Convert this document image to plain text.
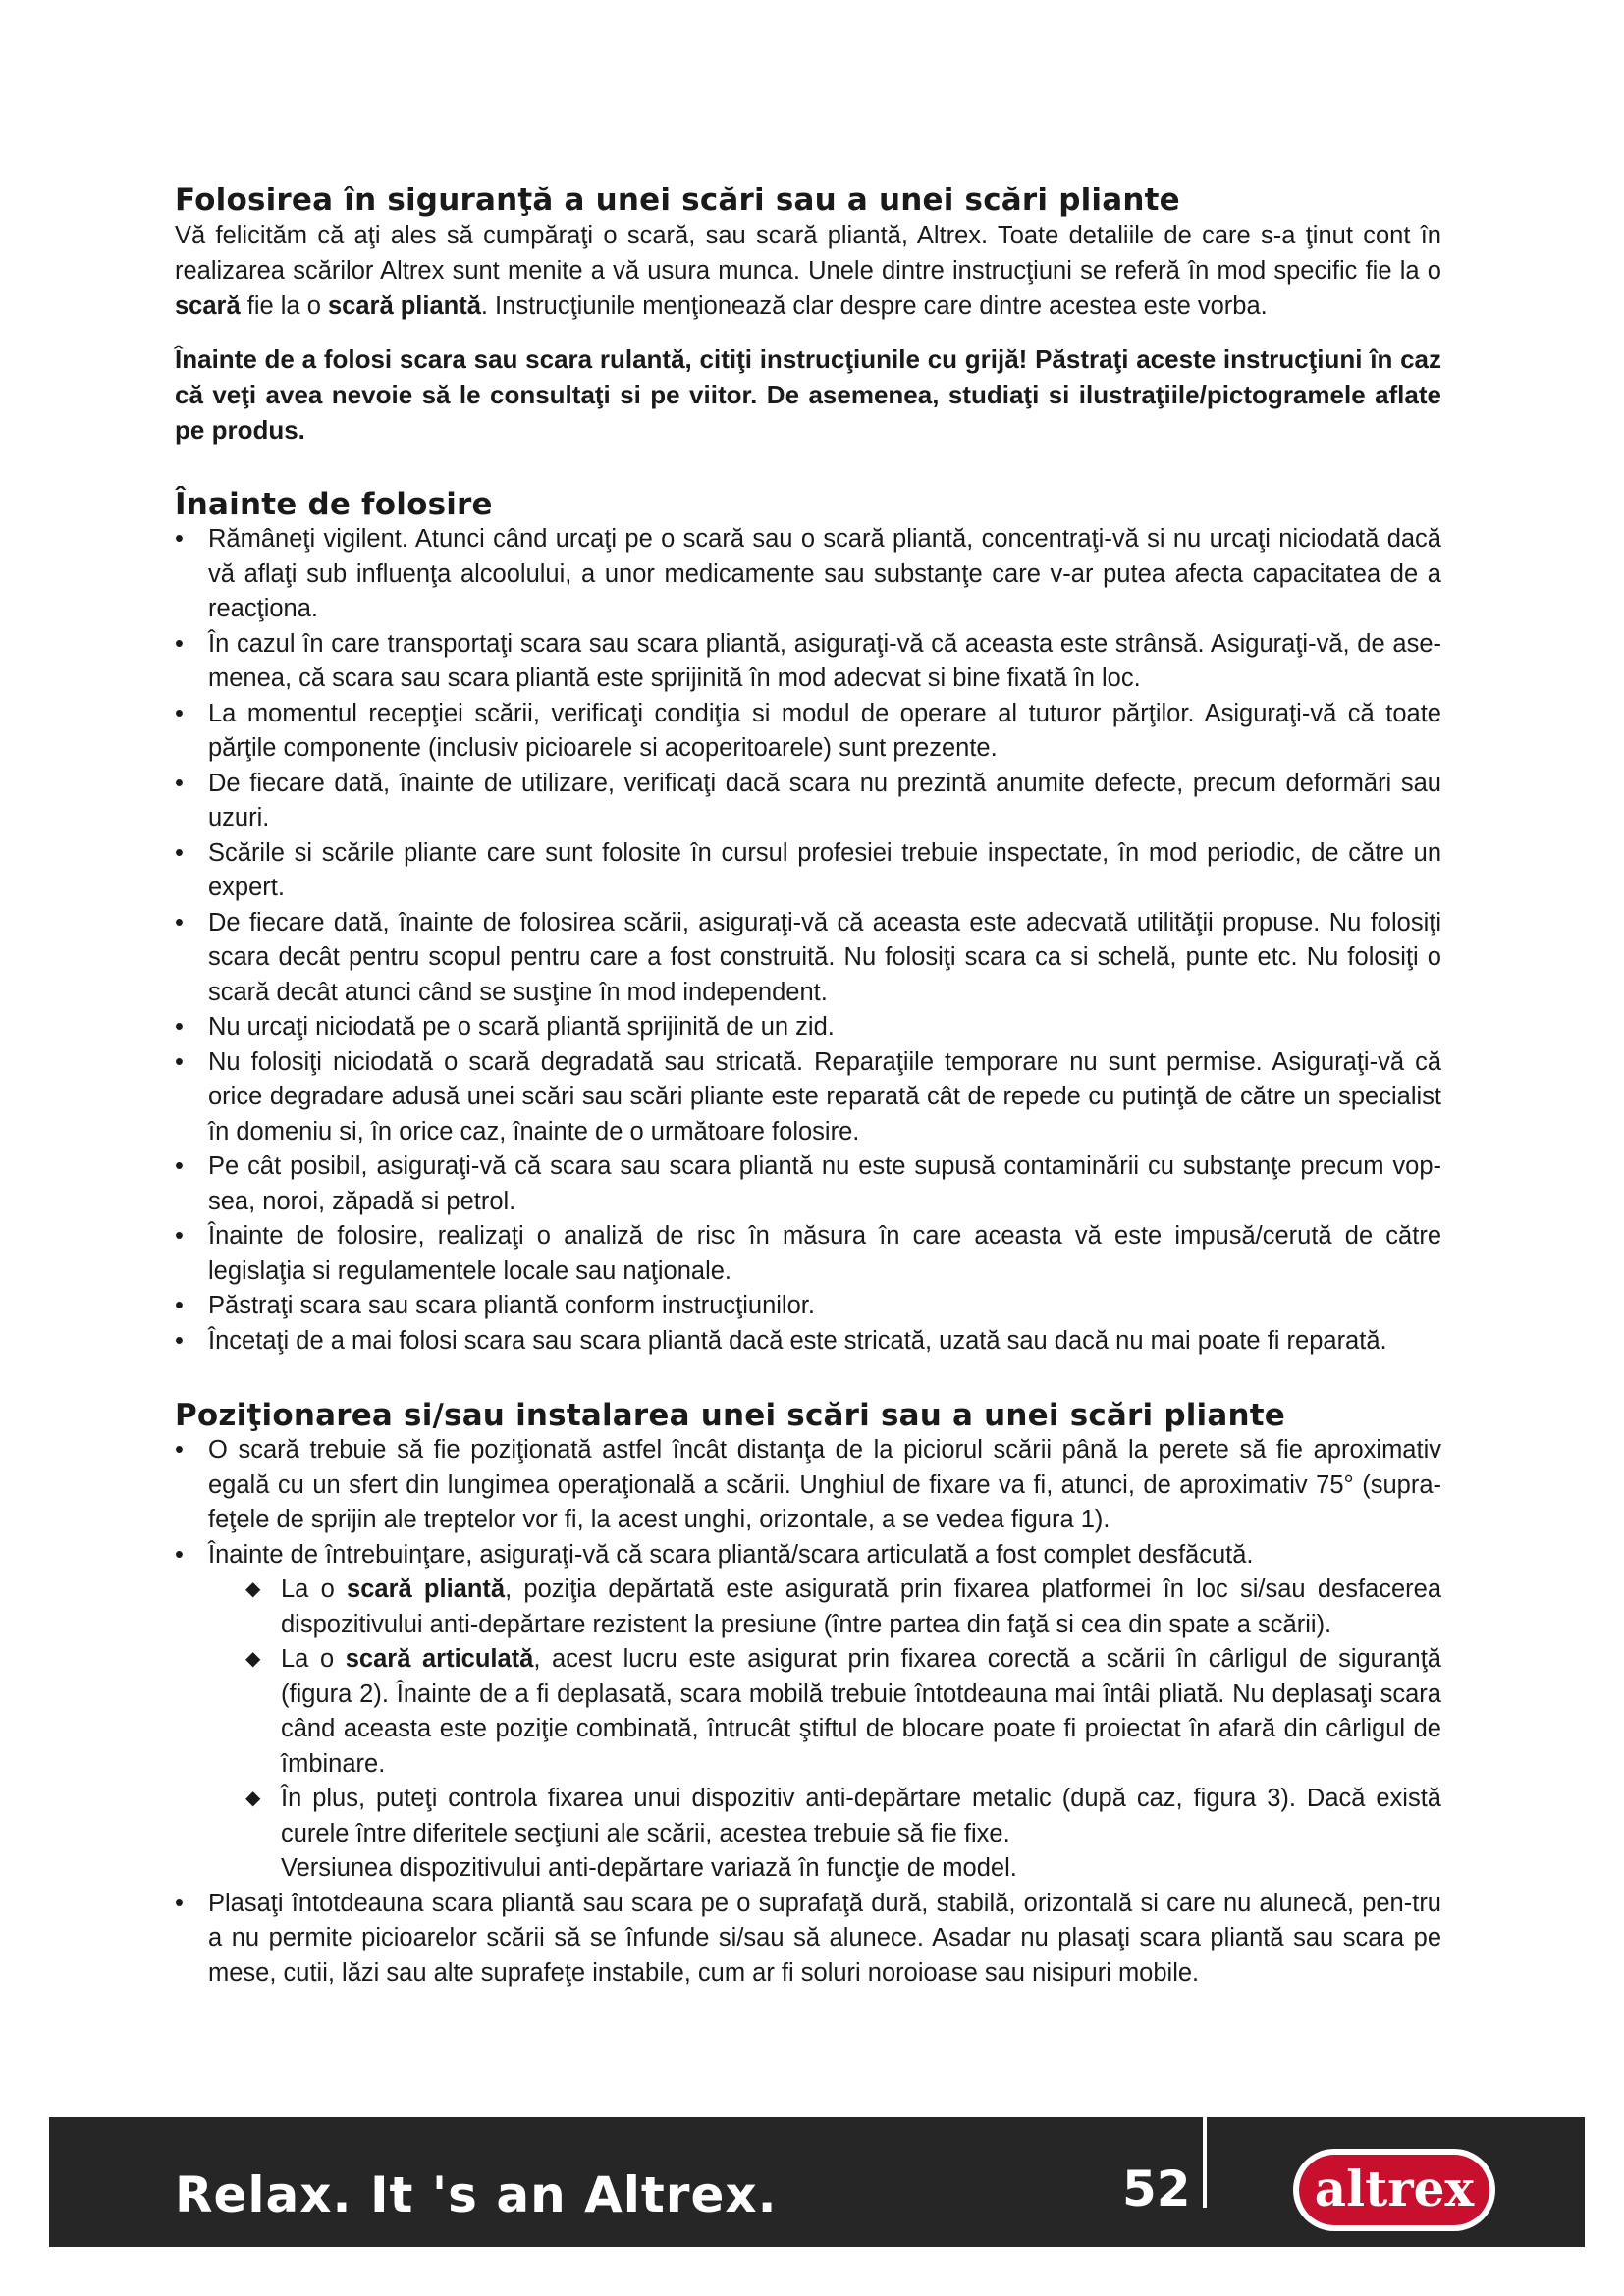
Folosirea în siguranţă a unei scări sau a unei scări pliante

Vă felicităm că aţi ales să cumpăraţi o scară, sau scară pliantă, Altrex. Toate detaliile de care s-a ţinut cont în realizarea scărilor Altrex sunt menite a vă usura munca. Unele dintre instrucţiuni se referă în mod specific fie la o scară fie la o scară pliantă. Instrucţiunile menţionează clar despre care dintre acestea este vorba.

Înainte de a folosi scara sau scara rulantă, citiţi instrucţiunile cu grijă! Păstraţi aceste instrucţiuni în caz că veţi avea nevoie să le consultaţi si pe viitor. De asemenea, studiaţi si ilustraţiile/pictogramele aflate pe produs.

Înainte de folosire
• Rămâneţi vigilent. Atunci când urcaţi pe o scară sau o scară pliantă, concentraţi-vă si nu urcaţi niciodată dacă vă aflaţi sub influenţa alcoolului, a unor medicamente sau substanţe care v-ar putea afecta capacitatea de a reacţiona.
• În cazul în care transportaţi scara sau scara pliantă, asiguraţi-vă că aceasta este strânsă. Asiguraţi-vă, de ase-menea, că scara sau scara pliantă este sprijinită în mod adecvat si bine fixată în loc.
• La momentul recepţiei scării, verificaţi condiţia si modul de operare al tuturor părţilor. Asiguraţi-vă că toate părţile componente (inclusiv picioarele si acoperitoarele) sunt prezente.
• De fiecare dată, înainte de utilizare, verificaţi dacă scara nu prezintă anumite defecte, precum deformări sau uzuri.
• Scările si scările pliante care sunt folosite în cursul profesiei trebuie inspectate, în mod periodic, de către un expert.
• De fiecare dată, înainte de folosirea scării, asiguraţi-vă că aceasta este adecvată utilităţii propuse. Nu folosiţi scara decât pentru scopul pentru care a fost construită. Nu folosiţi scara ca si schelă, punte etc. Nu folosiţi o scară decât atunci când se susţine în mod independent.
• Nu urcaţi niciodată pe o scară pliantă sprijinită de un zid.
• Nu folosiţi niciodată o scară degradată sau stricată. Reparaţiile temporare nu sunt permise. Asiguraţi-vă că orice degradare adusă unei scări sau scări pliante este reparată cât de repede cu putinţă de către un specialist în domeniu si, în orice caz, înainte de o următoare folosire.
• Pe cât posibil, asiguraţi-vă că scara sau scara pliantă nu este supusă contaminării cu substanţe precum vop-sea, noroi, zăpadă si petrol.
• Înainte de folosire, realizaţi o analiză de risc în măsura în care aceasta vă este impusă/cerută de către legislaţia si regulamentele locale sau naţionale.
• Păstraţi scara sau scara pliantă conform instrucţiunilor.
• Încetaţi de a mai folosi scara sau scara pliantă dacă este stricată, uzată sau dacă nu mai poate fi reparată.
Poziţionarea si/sau instalarea unei scări sau a unei scări pliante
• O scară trebuie să fie poziţionată astfel încât distanţa de la piciorul scării până la perete să fie aproximativ egală cu un sfert din lungimea operaţională a scării. Unghiul de fixare va fi, atunci, de aproximativ 75° (supra-feţele de sprijin ale treptelor vor fi, la acest unghi, orizontale, a se vedea figura 1).
• Înainte de întrebuinţare, asiguraţi-vă că scara pliantă/scara articulată a fost complet desfăcută.
◆ La o scară pliantă, poziţia depărtată este asigurată prin fixarea platformei în loc si/sau desfacerea dispozitivului anti-depărtare rezistent la presiune (între partea din faţă si cea din spate a scării).
◆ La o scară articulată, acest lucru este asigurat prin fixarea corectă a scării în cârligul de siguranţă (figura 2). Înainte de a fi deplasată, scara mobilă trebuie întotdeauna mai întâi pliată. Nu deplasaţi scara când aceasta este poziţie combinată, întrucât ştiftul de blocare poate fi proiectat în afară din cârligul de îmbinare.
◆ În plus, puteţi controla fixarea unui dispozitiv anti-depărtare metalic (după caz, figura 3). Dacă există curele între diferitele secţiuni ale scării, acestea trebuie să fie fixe.
Versiunea dispozitivului anti-depărtare variază în funcţie de model.
• Plasaţi întotdeauna scara pliantă sau scara pe o suprafaţă dură, stabilă, orizontală si care nu alunecă, pen-tru a nu permite picioarelor scării să se înfunde si/sau să alunece. Asadar nu plasaţi scara pliantă sau scara pe mese, cutii, lăzi sau alte suprafeţe instabile, cum ar fi soluri noroioase sau nisipuri mobile.
Relax. It 's an Altrex.	52	altrex
